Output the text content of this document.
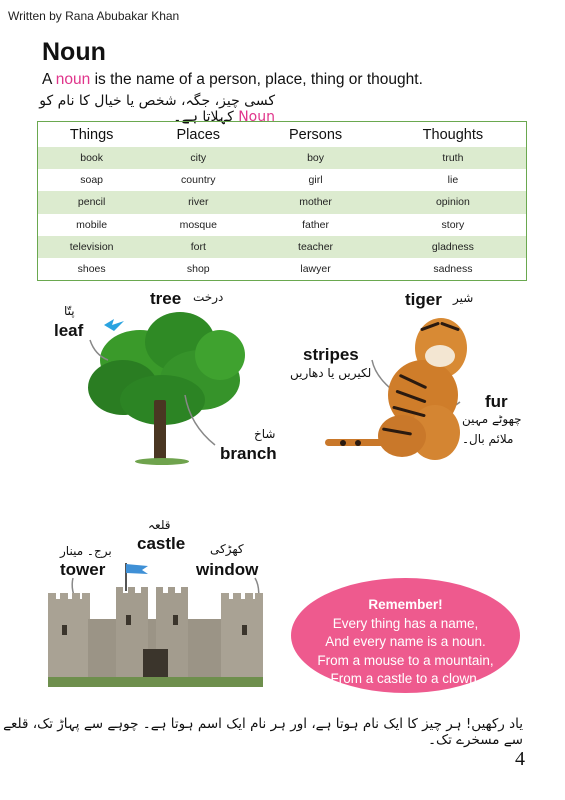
Written by Rana Abubakar Khan
Noun
A noun is the name of a person, place, thing or thought.
کسی چیز، جگہ، شخص یا خیال کا نام کو Noun کہلاتا ہے۔
Things	Places	Persons	Thoughts
book	city	boy	truth
soap	country	girl	lie
pencil	river	mother	opinion
mobile	mosque	father	story
television	fort	teacher	gladness
shoes	shop	lawyer	sadness
tree درخت
leaf
پتّا
branch
شاخ
tiger شیر
stripes
لکیریں یا دھاریں
fur
چھوٹے مہین
ملائم بال۔
castle
قلعہ
tower
برج۔ مینار
window
کھڑکی
Remember!
Every thing has a name,
And every name is a noun.
From a mouse to a mountain,
From a castle to a clown.
یاد رکھیں! ہر چیز کا ایک نام ہوتا ہے، اور ہر نام ایک اسم ہوتا ہے۔ چوہے سے پہاڑ تک، قلعے سے مسخرے تک۔
4
